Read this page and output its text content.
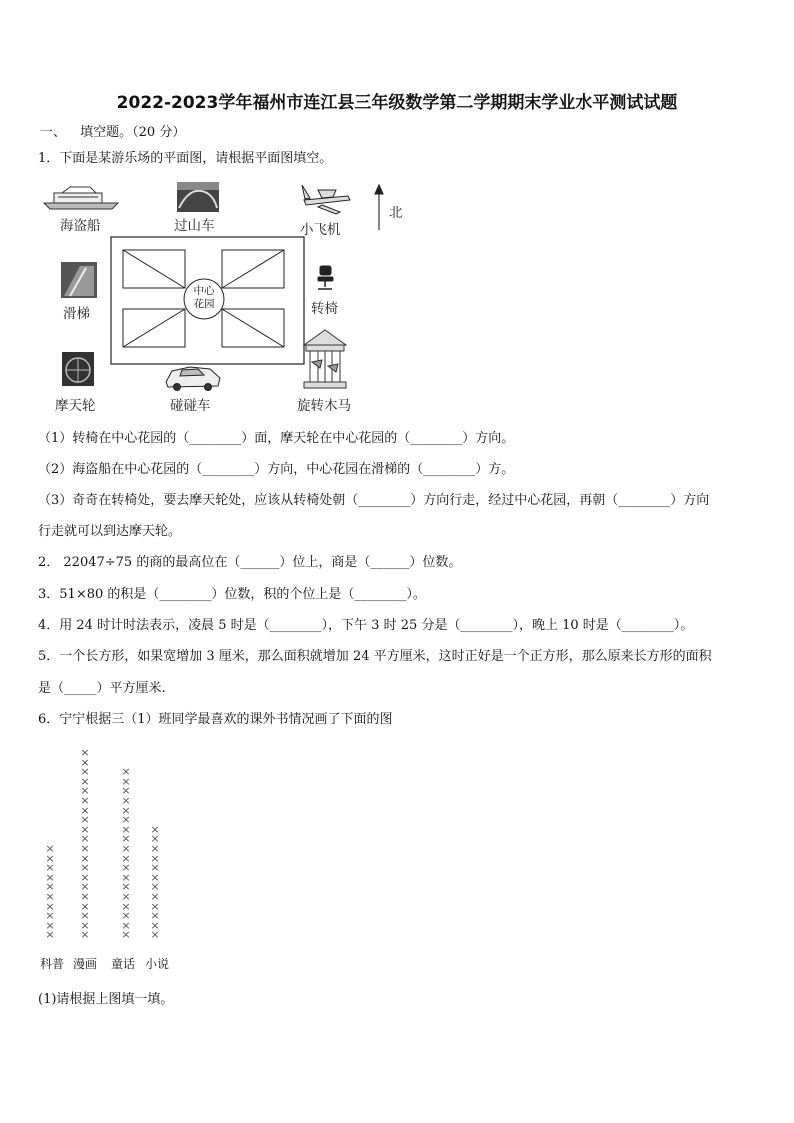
2022-2023学年福州市连江县三年级数学第二学期期末学业水平测试试题
一、 填空题。（20 分）
1．下面是某游乐场的平面图，请根据平面图填空。
海盗船	过山车	小飞机
北
滑梯	转椅
摩天轮	碰碰车	旋转木马
中心
花园
（1）转椅在中心花园的（________）面，摩天轮在中心花园的（________）方向。
（2）海盗船在中心花园的（________）方向，中心花园在滑梯的（________）方。
（3）奇奇在转椅处，要去摩天轮处，应该从转椅处朝（________）方向行走，经过中心花园，再朝（________）方向
行走就可以到达摩天轮。
2． 22047÷75 的商的最高位在（______）位上，商是（______）位数。
3．51×80 的积是（________）位数，积的个位上是（________）。
4．用 24 时计时法表示，凌晨 5 时是（________），下午 3 时 25 分是（________），晚上 10 时是（________）。
5．一个长方形，如果宽增加 3 厘米，那么面积就增加 24 平方厘米，这时正好是一个正方形，那么原来长方形的面积
是（_____）平方厘米.
6．宁宁根据三（1）班同学最喜欢的课外书情况画了下面的图
×
×
×
×
×
×
×
×
×
×
×
×
×
×
×
×
×
×
×
×
×
×
×
×
×
×
×
×
×
×
×
×
×
×
×
×
×
×
×
×
×
×
×
×
×
×
×
×
×
×
×
×
×
×
×
×
×
×
×
×
科普 漫画 童话 小说
(1)请根据上图填一填。
